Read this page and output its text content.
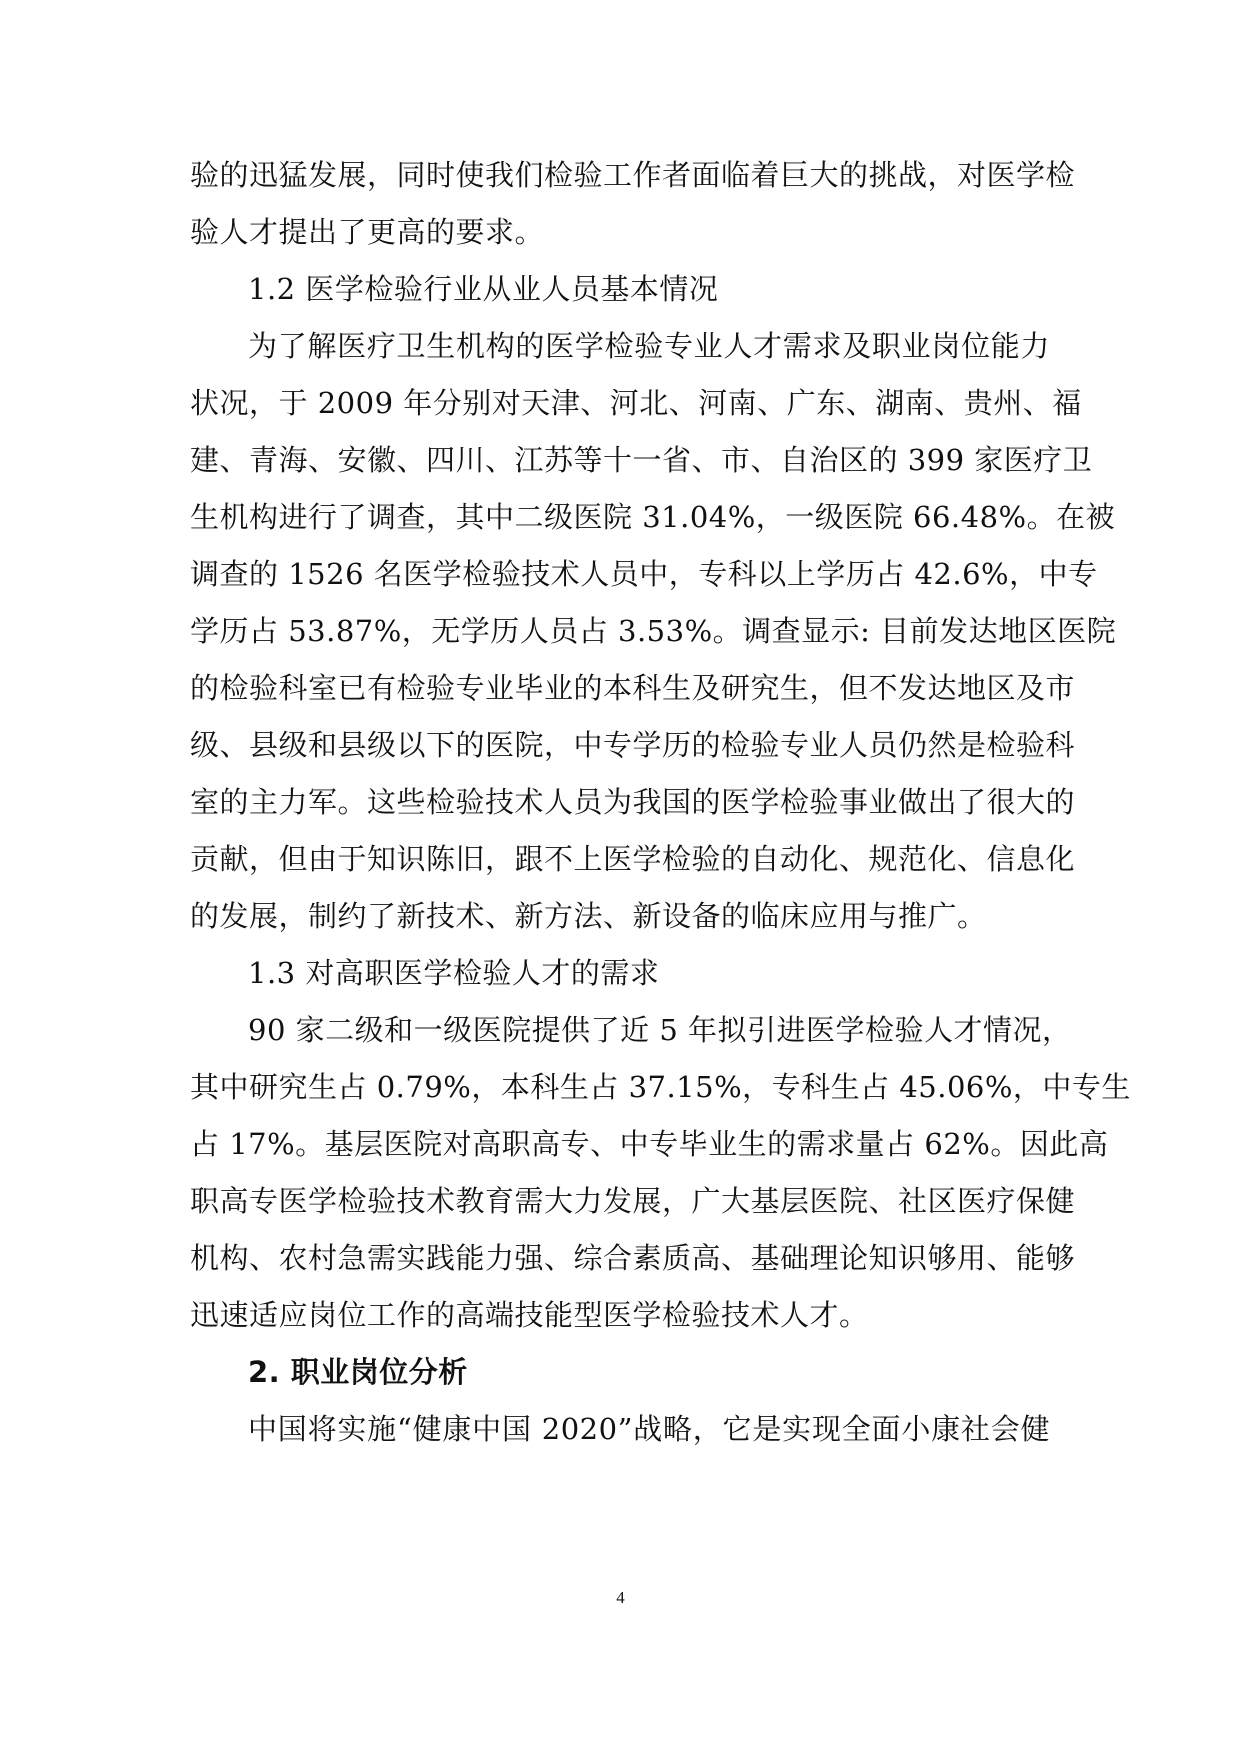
验的迅猛发展，同时使我们检验工作者面临着巨大的挑战，对医学检
验人才提出了更高的要求。
1.2 医学检验行业从业人员基本情况
为了解医疗卫生机构的医学检验专业人才需求及职业岗位能力
状况，于 2009 年分别对天津、河北、河南、广东、湖南、贵州、福
建、青海、安徽、四川、江苏等十一省、市、自治区的 399 家医疗卫
生机构进行了调查，其中二级医院 31.04%，一级医院 66.48%。在被
调查的 1526 名医学检验技术人员中，专科以上学历占 42.6%，中专
学历占 53.87%，无学历人员占 3.53%。调查显示: 目前发达地区医院
的检验科室已有检验专业毕业的本科生及研究生，但不发达地区及市
级、县级和县级以下的医院，中专学历的检验专业人员仍然是检验科
室的主力军。这些检验技术人员为我国的医学检验事业做出了很大的
贡献，但由于知识陈旧，跟不上医学检验的自动化、规范化、信息化
的发展，制约了新技术、新方法、新设备的临床应用与推广。
1.3 对高职医学检验人才的需求
90 家二级和一级医院提供了近 5 年拟引进医学检验人才情况，
其中研究生占 0.79%，本科生占 37.15%，专科生占 45.06%，中专生
占 17%。基层医院对高职高专、中专毕业生的需求量占 62%。因此高
职高专医学检验技术教育需大力发展，广大基层医院、社区医疗保健
机构、农村急需实践能力强、综合素质高、基础理论知识够用、能够
迅速适应岗位工作的高端技能型医学检验技术人才。
2. 职业岗位分析
中国将实施“健康中国 2020”战略，它是实现全面小康社会健
4
